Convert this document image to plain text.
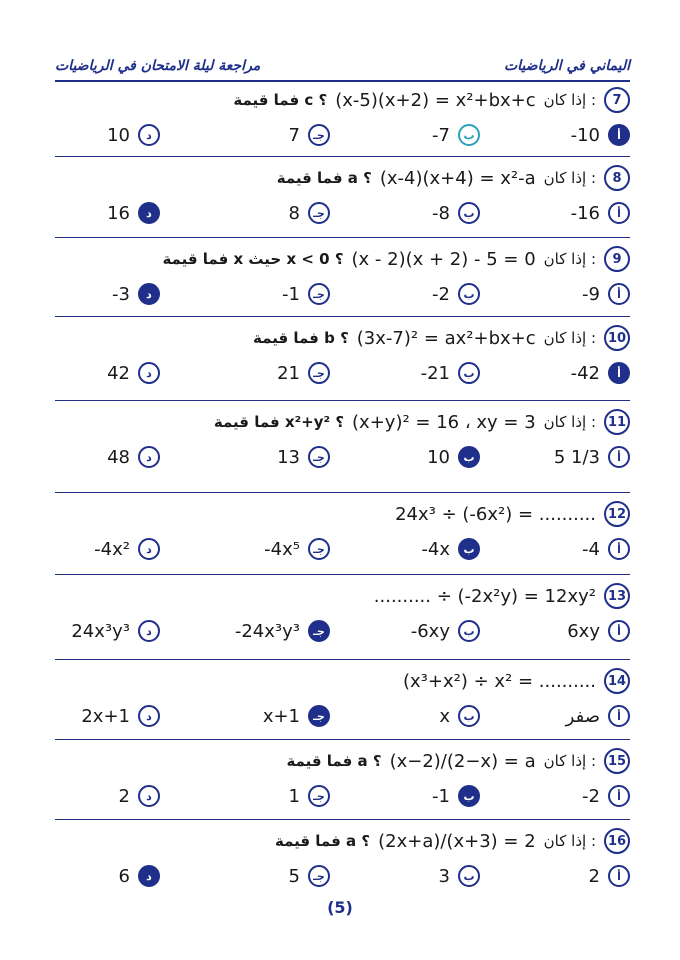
مراجعة ليلة الامتحان في الرياضيات	اليماني في الرياضيات
7
إذا كان :
(x-5)(x+2) = x²+bx+c
فما قيمة c ؟
أ
-10
ب
-7
جـ
7
د
10
8
إذا كان :
(x-4)(x+4) = x²-a
فما قيمة a ؟
أ
-16
ب
-8
جـ
8
د
16
9
إذا كان :
(x - 2)(x + 2) - 5 = 0
فما قيمة x حيث x < 0 ؟
أ
-9
ب
-2
جـ
-1
د
-3
10
إذا كان :
(3x-7)² = ax²+bx+c
فما قيمة b ؟
أ
-42
ب
-21
جـ
21
د
42
11
إذا كان :
(x+y)² = 16 ، xy = 3
فما قيمة x²+y² ؟
أ
5 1/3
ب
10
جـ
13
د
48
12
24x³ ÷ (-6x²) = ..........
أ
-4
ب
-4x
جـ
-4x⁵
د
-4x²
13
.......... ÷ (-2x²y) = 12xy²
أ
6xy
ب
-6xy
جـ
-24x³y³
د
24x³y³
14
(x³+x²) ÷ x² = ..........
أ
صفر
ب
x
جـ
x+1
د
2x+1
15
إذا كان :
(x−2)/(2−x) = a
فما قيمة a ؟
أ
-2
ب
-1
جـ
1
د
2
16
إذا كان :
(2x+a)/(x+3) = 2
فما قيمة a ؟
أ
2
ب
3
جـ
5
د
6
(5)
